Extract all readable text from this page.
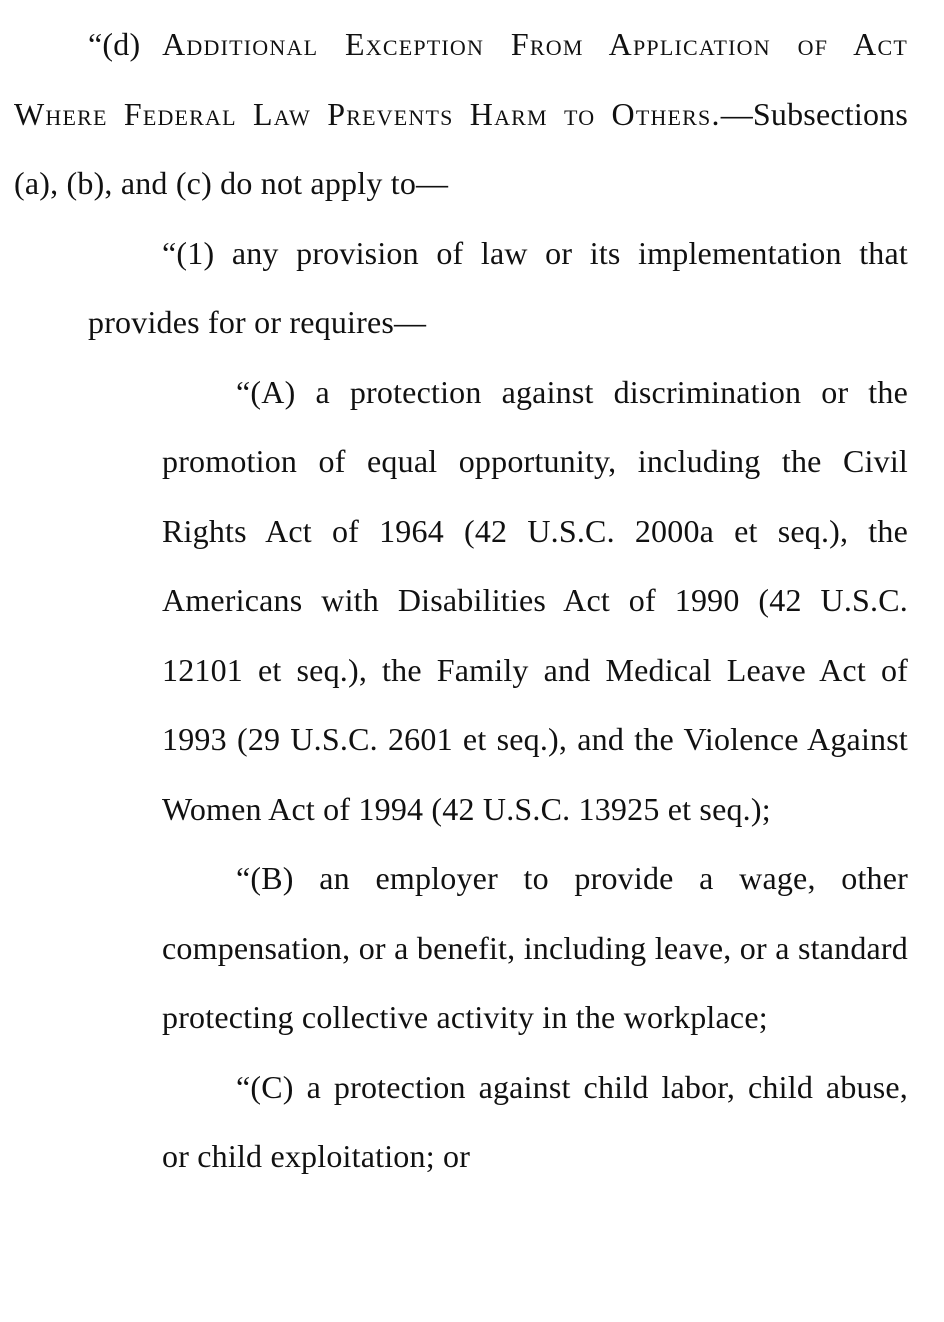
“(d) Additional Exception From Application of Act Where Federal Law Prevents Harm to Others.—Subsections (a), (b), and (c) do not apply to—

“(1) any provision of law or its implementation that provides for or requires—

“(A) a protection against discrimination or the promotion of equal opportunity, including the Civil Rights Act of 1964 (42 U.S.C. 2000a et seq.), the Americans with Disabilities Act of 1990 (42 U.S.C. 12101 et seq.), the Family and Medical Leave Act of 1993 (29 U.S.C. 2601 et seq.), and the Violence Against Women Act of 1994 (42 U.S.C. 13925 et seq.);

“(B) an employer to provide a wage, other compensation, or a benefit, including leave, or a standard protecting collective activity in the workplace;

“(C) a protection against child labor, child abuse, or child exploitation; or
